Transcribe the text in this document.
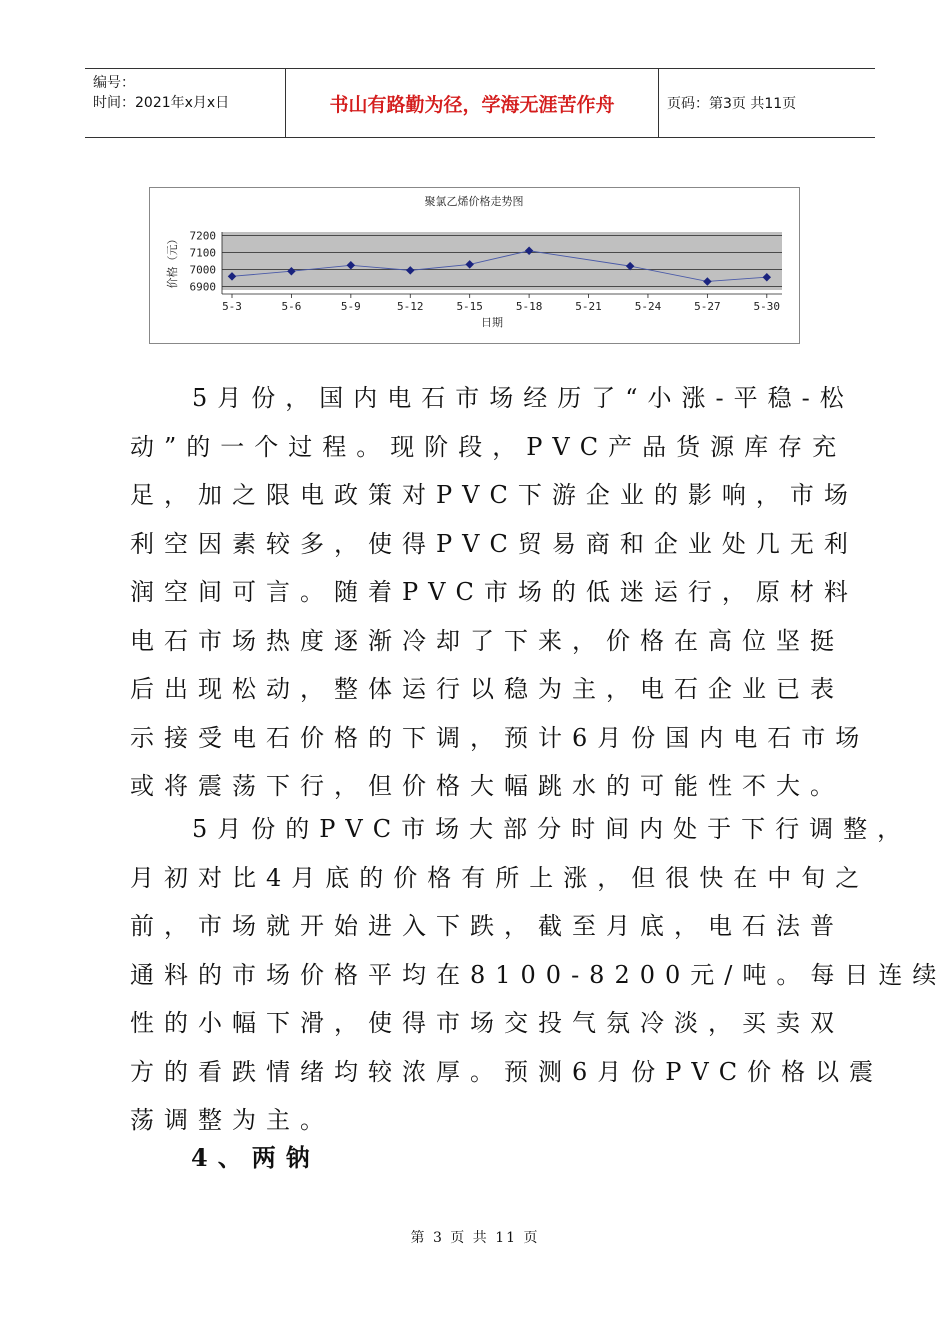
编号：
时间：2021年x月x日	书山有路勤为径，学海无涯苦作舟	页码：第3页 共11页
聚氯乙烯价格走势图
6900
7000
7100
7200
5-3	5-6	5-9	5-12	5-15	5-18	5-21	5-24	5-27	5-30
日期
价格（元）
5月份，国内电石市场经历了“小涨-平稳-松
动”的一个过程。现阶段，PVC产品货源库存充
足，加之限电政策对PVC下游企业的影响，市场
利空因素较多，使得PVC贸易商和企业处几无利
润空间可言。随着PVC市场的低迷运行，原材料
电石市场热度逐渐冷却了下来，价格在高位坚挺
后出现松动，整体运行以稳为主，电石企业已表
示接受电石价格的下调，预计6月份国内电石市场
或将震荡下行，但价格大幅跳水的可能性不大。
5月份的PVC市场大部分时间内处于下行调整，
月初对比4月底的价格有所上涨，但很快在中旬之
前，市场就开始进入下跌，截至月底，电石法普
通料的市场价格平均在8100-8200元/吨。每日连续
性的小幅下滑，使得市场交投气氛冷淡，买卖双
方的看跌情绪均较浓厚。预测6月份PVC价格以震
荡调整为主。
4、两钠
第 3 页 共 11 页
